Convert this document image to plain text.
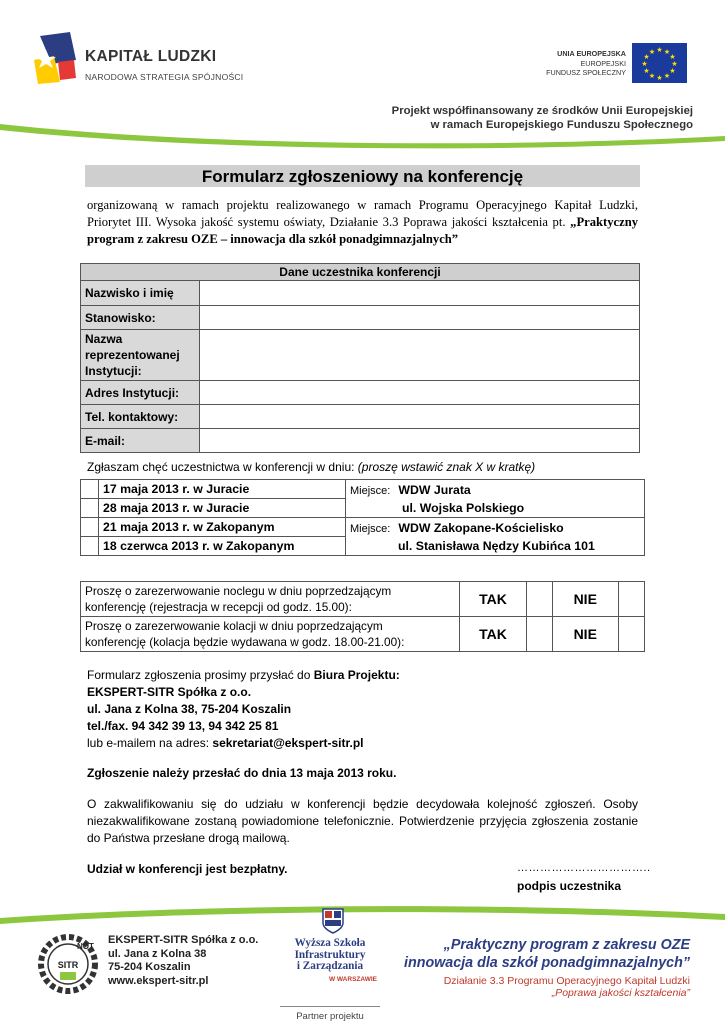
KAPITAŁ LUDZKI
NARODOWA STRATEGIA SPÓJNOŚCI
UNIA EUROPEJSKA
EUROPEJSKI
FUNDUSZ SPOŁECZNY
★ ★
★
★
★
★
★
★
★
★
★
★
Projekt współfinansowany ze środków Unii Europejskiej
w ramach Europejskiego Funduszu Społecznego
Formularz zgłoszeniowy na konferencję
organizowaną w ramach projektu realizowanego w ramach Programu Operacyjnego Kapitał Ludzki, Priorytet III. Wysoka jakość systemu oświaty, Działanie 3.3 Poprawa jakości kształcenia pt. „Praktyczny program z zakresu OZE – innowacja dla szkół ponadgimnazjalnych”
Dane uczestnika konferencji	
Nazwisko i imię	
Stanowisko:	

Nazwa
reprezentowanej
Instytucji:	

Adres Instytucji:	
Tel. kontaktowy:	
E-mail:	
Zgłaszam chęć uczestnictwa w konferencji w dniu: (proszę wstawić znak X w kratkę)
	17 maja 2013 r. w Juracie	Miejsce: WDW Jurata
ul. Wojska Polskiego
	28 maja 2013 r. w Juracie	
	21 maja 2013 r. w Zakopanym	Miejsce: WDW Zakopane-Kościelisko
ul. Stanisława Nędzy Kubińca 101
	18 czerwca 2013 r. w Zakopanym	
Proszę o zarezerwowanie noclegu w dniu poprzedzającym
konferencję (rejestracja w recepcji od godz. 15.00):	TAK		NIE	

Proszę o zarezerwowanie kolacji w dniu poprzedzającym
konferencję (kolacja będzie wydawana w godz. 18.00-21.00):	TAK		NIE	
Formularz zgłoszenia prosimy przysłać do Biura Projektu:
EKSPERT-SITR Spółka z o.o.
ul. Jana z Kolna 38, 75-204 Koszalin
tel./fax. 94 342 39 13, 94 342 25 81
lub e-mailem na adres: sekretariat@ekspert-sitr.pl
Zgłoszenie należy przesłać do dnia 13 maja 2013 roku.
O zakwalifikowaniu się do udziału w konferencji będzie decydowała kolejność zgłoszeń. Osoby niezakwalifikowane zostaną powiadomione telefonicznie. Potwierdzenie przyjęcia zgłoszenia zostanie do Państwa przesłane drogą mailową.
Udział w konferencji jest bezpłatny.	……………………………..
podpis uczestnika
NOT
SITR
EKSPERT-SITR Spółka z o.o.
ul. Jana z Kolna 38
75-204 Koszalin
www.ekspert-sitr.pl
Wyższa Szkoła
Infrastruktury
i Zarządzania
W WARSZAWIE
Partner projektu
„Praktyczny program z zakresu OZE
innowacja dla szkół ponadgimnazjalnych”
Działanie 3.3 Programu Operacyjnego Kapitał Ludzki
„Poprawa jakości kształcenia”
